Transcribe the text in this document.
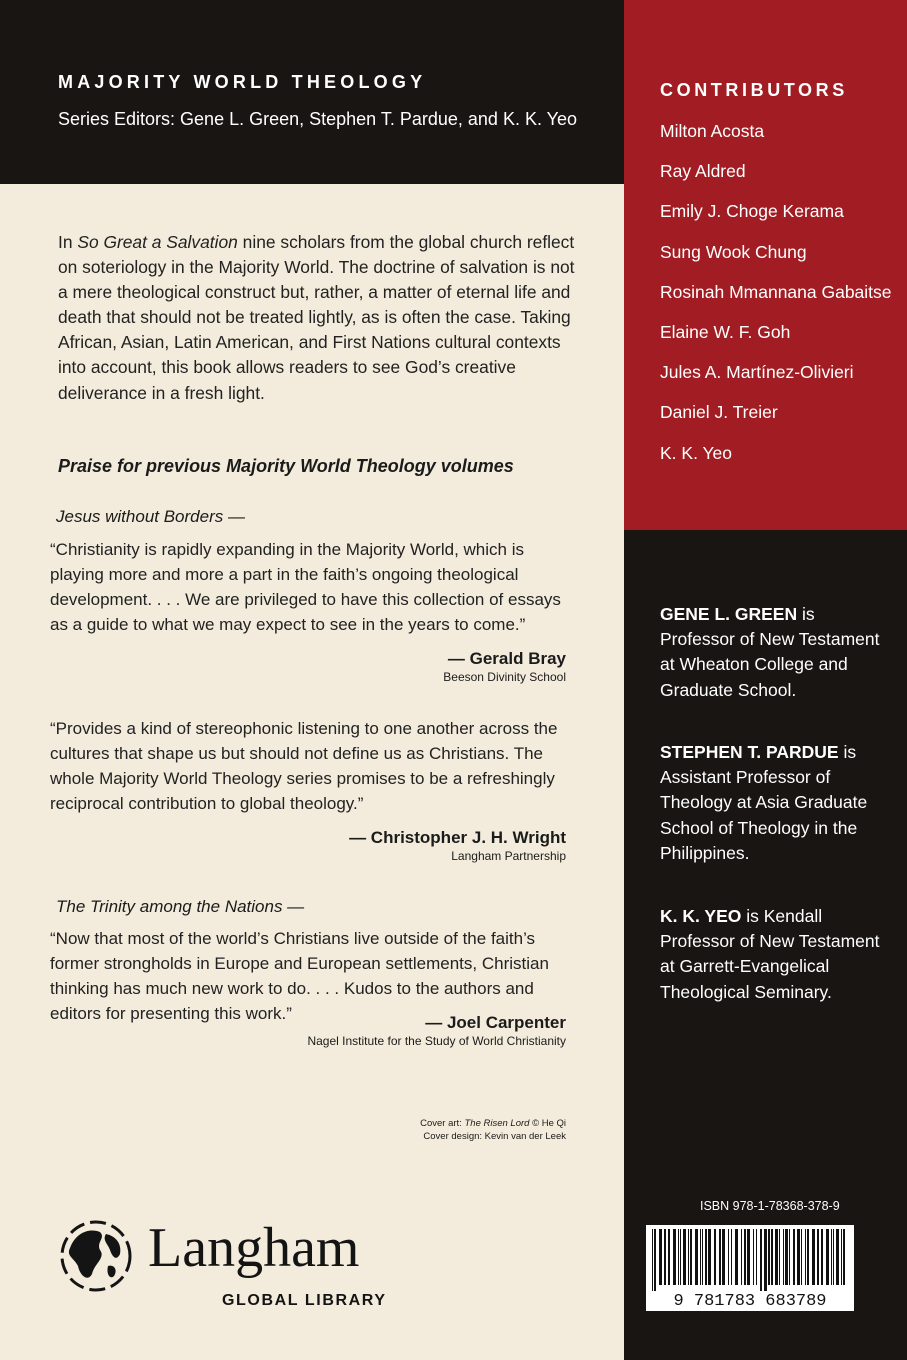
MAJORITY WORLD THEOLOGY

Series Editors: Gene L. Green, Stephen T. Pardue, and K. K. Yeo

In So Great a Salvation nine scholars from the global church reflect on soteriology in the Majority World. The doctrine of salvation is not a mere theological construct but, rather, a matter of eternal life and death that should not be treated lightly, as is often the case. Taking African, Asian, Latin American, and First Nations cultural contexts into account, this book allows readers to see God’s creative deliverance in a fresh light.

Praise for previous Majority World Theology volumes

Jesus without Borders —

“Christianity is rapidly expanding in the Majority World, which is
playing more and more a part in the faith’s ongoing theological
development. . . . We are privileged to have this collection of essays
as a guide to what we may expect to see in the years to come.”

— Gerald Bray
Beeson Divinity School

“Provides a kind of stereophonic listening to one another across the
cultures that shape us but should not define us as Christians. The
whole Majority World Theology series promises to be a refreshingly
reciprocal contribution to global theology.”

— Christopher J. H. Wright
Langham Partnership

The Trinity among the Nations —

“Now that most of the world’s Christians live outside of the faith’s
former strongholds in Europe and European settlements, Christian
thinking has much new work to do. . . . Kudos to the authors and
editors for presenting this work.”	— Joel Carpenter
Nagel Institute for the Study of World Christianity

Cover art: The Risen Lord © He Qi
Cover design: Kevin van der Leek

Langham

GLOBAL LIBRARY

CONTRIBUTORS

Milton Acosta
Ray Aldred
Emily J. Choge Kerama
Sung Wook Chung
Rosinah Mmannana Gabaitse
Elaine W. F. Goh
Jules A. Martínez-Olivieri
Daniel J. Treier
K. K. Yeo

GENE L. GREEN is Professor of New Testament at Wheaton College and Graduate School.

STEPHEN T. PARDUE is Assistant Professor of Theology at Asia Graduate School of Theology in the Philippines.

K. K. YEO is Kendall Professor of New Testament at Garrett-Evangelical Theological Seminary.

ISBN 978-1-78368-378-9

9 781783 683789
